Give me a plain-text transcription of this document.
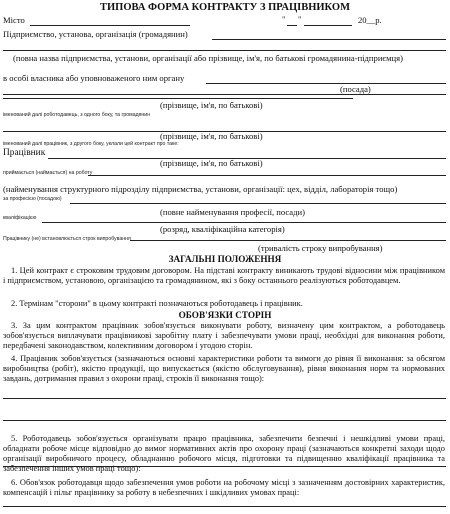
ТИПОВА ФОРМА КОНТРАКТУ З ПРАЦІВНИКОМ
Місто	" "	20__р.
Підприємство, установа, організація (громадянин)
(повна назва підприємства, установи, організації або прізвище, ім'я, по батькові громадянина-підприємця)
в особі власника або уповноваженого ним органу
(посада)
(прізвище, ім'я, по батькові)
іменований далі роботодавець, з одного боку, та громадянин
(прізвище, ім'я, по батькові)
іменований далі працівник, з другого боку, уклали цей контракт про таке:
Працівник
(прізвище, ім'я, по батькові)
приймається (наймається) на роботу
(найменування структурного підрозділу підприємства, установи, організації: цех, відділ, лабораторія тощо)
за професією (посадою)
(повне найменування професії, посади)
кваліфікацією
(розряд, кваліфікаційна категорія)
Працівнику (не) встановлюється строк випробування
(тривалість строку випробування)
ЗАГАЛЬНІ ПОЛОЖЕННЯ
1. Цей контракт є строковим трудовим договором. На підставі контракту виникають трудові відносини між працівником і підприємством, установою, організацією та громадянином, які з боку останнього реалізуються роботодавцем.
2. Термінам "сторони" в цьому контракті позначаються роботодавець і працівник.
ОБОВ'ЯЗКИ СТОРІН
3. За цим контрактом працівник зобов'язується виконувати роботу, визначену цим контрактом, а роботодавець зобов'язується виплачувати працівникові заробітну плату і забезпечувати умови праці, необхідні для виконання роботи, передбачені законодавством, колективним договором і угодою сторін.
4. Працівник зобов'язується (зазначаються основні характеристики роботи та вимоги до рівня її виконання: за обсягом виробництва (робіт), якістю продукції, що випускається (якістю обслуговування), рівня виконання норм та нормованих завдань, дотримання правил з охорони праці, строків її виконання тощо):
5. Роботодавець зобов'язується організувати працю працівника, забезпечити безпечні і нешкідливі умови праці, обладнати робоче місце відповідно до вимог нормативних актів про охорону праці (зазначаються конкретні заходи щодо організації виробничого процесу, обладнанню робочого місця, підготовки та підвищенню кваліфікації працівника та забезпечення інших умов праці тощо):
6. Обов'язок роботодавця щодо забезпечення умов роботи на робочому місці з зазначенням достовірних характеристик, компенсацій і пільг працівнику за роботу в небезпечних і шкідливих умовах праці:
